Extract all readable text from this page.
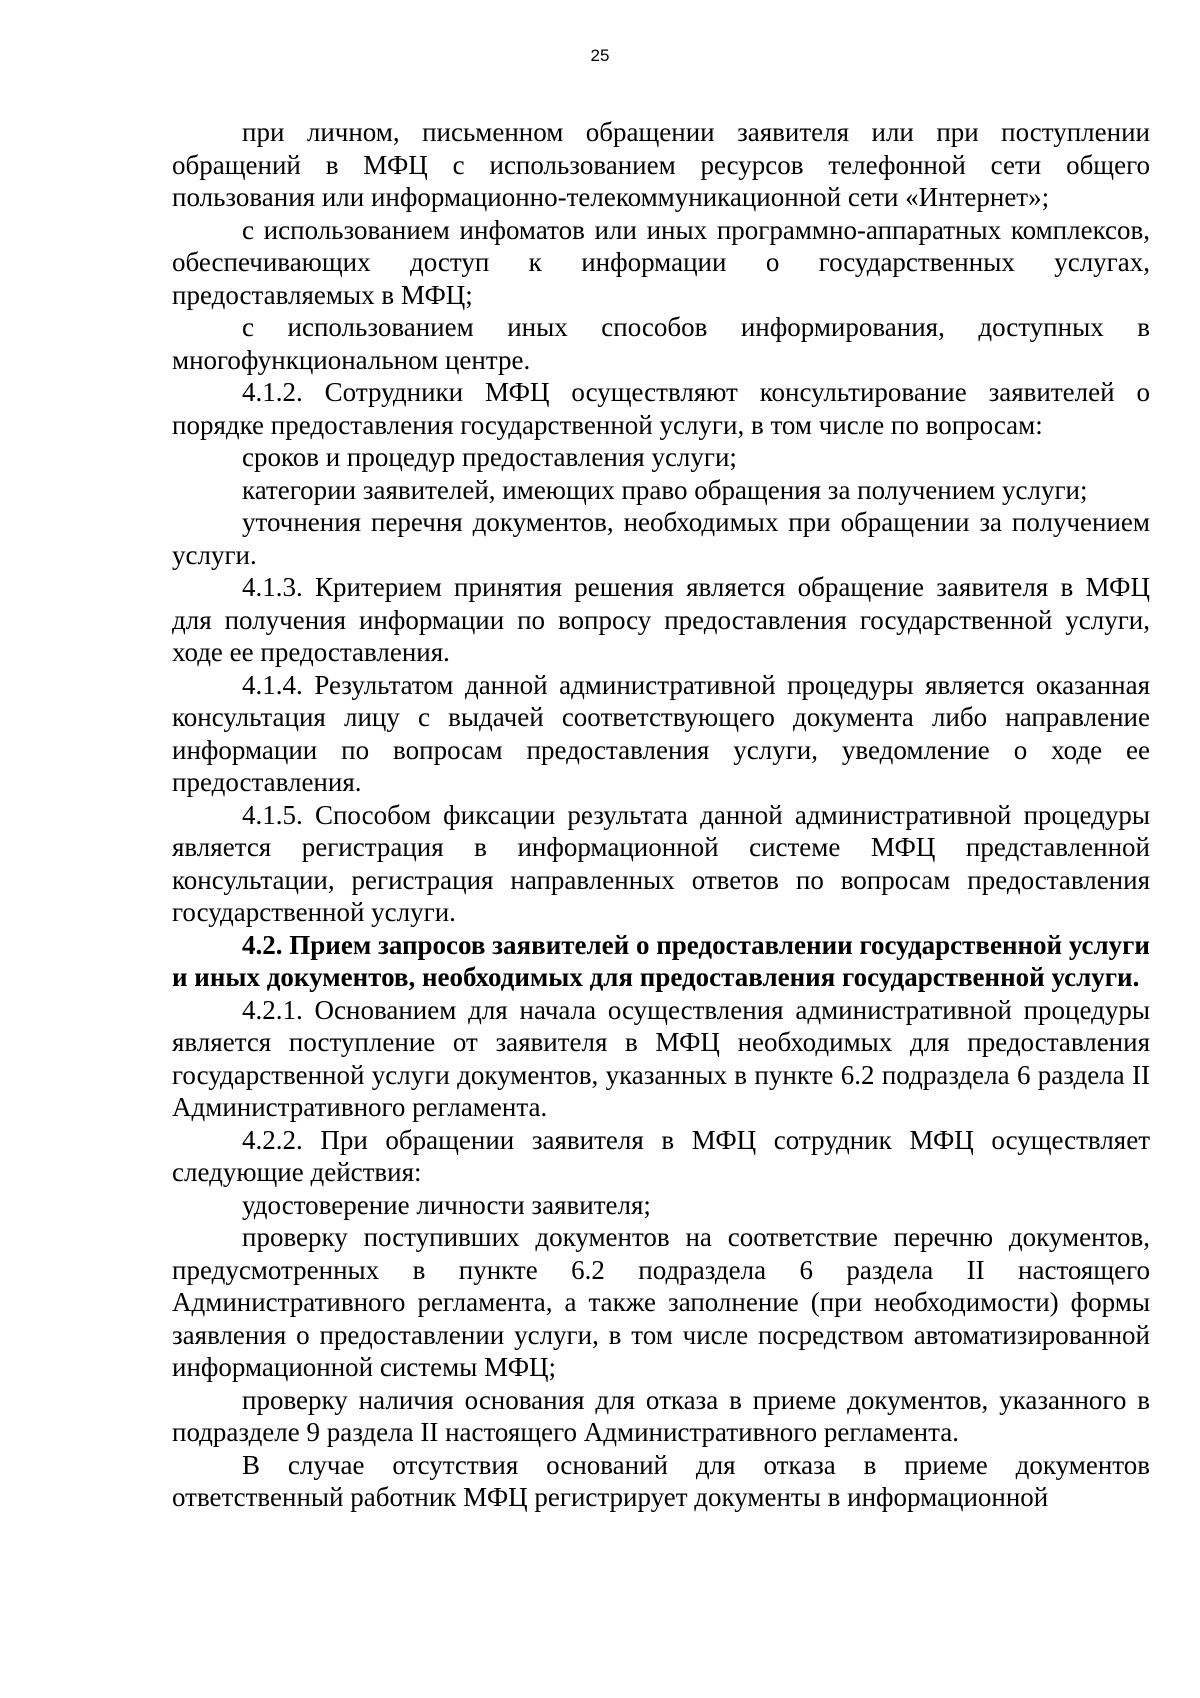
25

при личном, письменном обращении заявителя или при поступлении обращений в МФЦ с использованием ресурсов телефонной сети общего пользования или информационно-телекоммуникационной сети «Интернет»;

с использованием инфоматов или иных программно-аппаратных комплексов, обеспечивающих доступ к информации о государственных услугах, предоставляемых в МФЦ;

с использованием иных способов информирования, доступных в многофункциональном центре.

4.1.2. Сотрудники МФЦ осуществляют консультирование заявителей о порядке предоставления государственной услуги, в том числе по вопросам:

сроков и процедур предоставления услуги;

категории заявителей, имеющих право обращения за получением услуги;

уточнения перечня документов, необходимых при обращении за получением услуги.

4.1.3. Критерием принятия решения является обращение заявителя в МФЦ для получения информации по вопросу предоставления государственной услуги, ходе ее предоставления.

4.1.4. Результатом данной административной процедуры является оказанная консультация лицу с выдачей соответствующего документа либо направление информации по вопросам предоставления услуги, уведомление о ходе ее предоставления.

4.1.5. Способом фиксации результата данной административной процедуры является регистрация в информационной системе МФЦ представленной консультации, регистрация направленных ответов по вопросам предоставления государственной услуги.

4.2. Прием запросов заявителей о предоставлении государственной услуги и иных документов, необходимых для предоставления государственной услуги.

4.2.1. Основанием для начала осуществления административной процедуры является поступление от заявителя в МФЦ необходимых для предоставления государственной услуги документов, указанных в пункте 6.2 подраздела 6 раздела II Административного регламента.

4.2.2. При обращении заявителя в МФЦ сотрудник МФЦ осуществляет следующие действия:

удостоверение личности заявителя;

проверку поступивших документов на соответствие перечню документов, предусмотренных в пункте 6.2 подраздела 6 раздела II настоящего Административного регламента, а также заполнение (при необходимости) формы заявления о предоставлении услуги, в том числе посредством автоматизированной информационной системы МФЦ;

проверку наличия основания для отказа в приеме документов, указанного в подразделе 9 раздела II настоящего Административного регламента.

В случае отсутствия оснований для отказа в приеме документов ответственный работник МФЦ регистрирует документы в информационной
